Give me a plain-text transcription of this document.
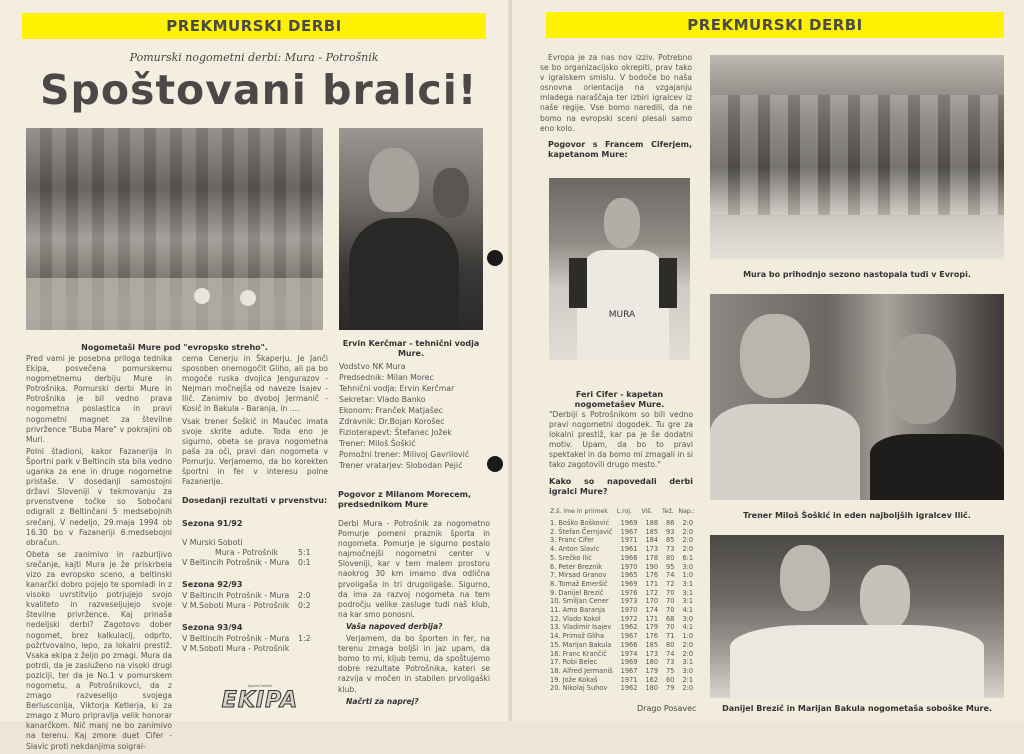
PREKMURSKI DERBI
Pomurski nogometni derbi: Mura - Potrošnik
Spoštovani bralci!
Nogometaši Mure pod "evropsko streho".	Ervin Kerčmar - tehnični vodja Mure.

Pred vami je posebna priloga tednika Ekipa, posvečena pomurskemu nogometnemu derbiju Mure in Potrošnika. Pomurski derbi Mure in Potrošnika je bil vedno prava nogometna poslastica in pravi nogometni magnet za številne privržence "Buba Mare" v pokrajini ob Muri.

Polni štadioni, kakor Fazanerija in Športni park v Beltincih sta bila vedno uganka za ene in druge nogometne pristaše. V dosedanji samostojni državi Sloveniji v tekmovanju za prvenstvene točke so Sobočani odigrali z Beltinčani 5 medsebojnih srečanj. V nedeljo, 29.maja 1994 ob 16.30 bo v Fazaneriji 6.medsebojni obračun.

Obeta se zanimivo in razburljivo srečanje, kajti Mura je že priskrbela vizo za evropsko sceno, a beltinski kanarčki dobro pojejo te spomladi in z visoko uvrstitvijo potrjujejo svojo kvaliteto in razveseljujejo svoje številne privržence. Kaj prinaša nedeljski derbi? Zagotovo dober nogomet, brez kalkulacij, odprto, požrtvovalno, lepo, za lokalni prestiž. Vsaka ekipa z željo po zmagi. Mura da potrdi, da je zasluženo na visoki drugi poziciji, ter da je No.1 v pomurskem nogometu, a Potrošnikovci, da z zmago razveselijo svojega Berlusconija, Viktorja Ketlerja, ki za zmago z Muro pripravlja velik honorar kanarčkom. Nič manj ne bo zanimivo na terenu. Kaj zmore duet Cifer - Slavic proti nekdanjima soigral-

cema Cenerju in Škaperju. Je Janči sposoben onemogočit Gliho, ali pa bo mogoče ruska dvojica Jengurazov - Nejman močnejša od naveze Isajev - Ilič. Zanimiv bo dvoboj Jermanič - Kosič in Bakula - Baranja, in ....

Vsak trener Šoškič in Maučec imata svoje skrite adute. Toda eno je sigurno, obeta se prava nogometna paša za oči, pravi dan nogometa v Pomurju. Verjamemo, da bo korekten športni in fer v interesu polne Fazanerije.

Dosedanji rezultati v prvenstvu:
Sezona 91/92
V Murski Soboti
Mura - Potrošnik	5:1
V Beltincih Potrošnik - Mura	0:1
Sezona 92/93
V Beltincih Potrošnik - Mura	2:0
V M.Soboti Mura - Potrošnik	0:2
Sezona 93/94
V Beltincih Potrošnik - Mura	1:2
V M.Soboti Mura - Potrošnik
športni tednik
EKIPA
Vodstvo NK Mura
Predsednik: Milan Morec
Tehnični vodja: Ervin Kerčmar
Sekretar: Vlado Banko
Ekonom: Franček Matjašec
Zdravnik: Dr.Bojan Korošec
Fizioterapevt: Štefanec Jožek
Trener: Miloš Šoškić
Pomožni trener: Milivoj Gavrilović
Trener vratarjev: Slobodan Pejić
Pogovor z Milanom Morecem, predsednikom Mure

Derbi Mura - Potrošnik za nogometno Pomurje pomeni praznik športa in nogometa. Pomurje je sigurno postalo najmočnejši nogometni center v Sloveniji, kar v tem malem prostoru naokrog 30 km imamo dva odlična prvoligaša in tri drugoligaše. Sigurno, da ima za razvoj nogometa na tem področju velike zasluge tudi naš klub, na kar smo ponosni.

Vaša napoved derbija?

Verjamem, da bo športen in fer, na terenu zmaga boljši in jaz upam, da bomo to mi, kljub temu, da spoštujemo dobre rezultate Potrošnika, kateri se razvija v močen in stabilen prvoligaški klub.

Načrti za naprej?

PREKMURSKI DERBI
Evropa je za nas nov izziv. Potrebno se bo organizacijsko okrepiti, prav tako v igralskem smislu. V bodoče bo naša osnovna orientacija na vzgajanju mladega naraščaja ter izbiri igralcev iz naše regije. Vse bomo naredili, da ne bomo na evropski sceni plesali samo eno kolo.
Pogovor s Francem Ciferjem, kapetanom Mure:
MURA
Feri Cifer - kapetan nogometašev Mure.
"Derbiji s Potrošnikom so bili vedno pravi nogometni dogodek. Tu gre za lokalni prestiž, kar pa je še dodatni motiv. Upam, da bo to pravi spektakel in da bomo mi zmagali in si tako zagotovili drugo mesto."
Kako so napovedali derbi igralci Mure?
Z.š. ime in priimek	L.roj.	Viš.	Tež.	Nap.:
1. Boško Bošković	1969	188	86	2:0
2. Štefan Černjavič	1967	185	93	2:0
3. Franc Cifer	1971	184	85	2:0
4. Anton Slavic	1961	173	73	2:0
5. Srečko Ilić	1966	178	80	6:1
6. Peter Breznik	1970	190	95	3:0
7. Mirsad Granov	1965	176	74	1:0
8. Tomaž Emeršič	1969	171	72	3:1
9. Danijel Brezič	1976	172	70	3:1
10. Smiljan Cener	1973	170	70	3:1
11. Amo Baranja	1970	174	70	4:1
12. Vlado Kokol	1972	171	68	3:0
13. Vladimir Isajev	1962	179	70	4:1
14. Primož Gliha	1967	176	71	1:0
15. Marijan Bakula	1966	185	80	2:0
16. Franc Krančič	1974	173	74	2:0
17. Robi Belec	1969	180	73	3:1
18. Alfred Jermaniš	1967	179	75	3:0
19. Jože Kokaš	1971	162	60	2:1
20. Nikolaj Suhov	1962	180	79	2:0
Drago Posavec
Mura bo prihodnjo sezono nastopala tudi v Evropi.
Trener Miloš Šoškić in eden najboljših igralcev Ilič.
Danijel Brezič in Marijan Bakula nogometaša soboške Mure.
